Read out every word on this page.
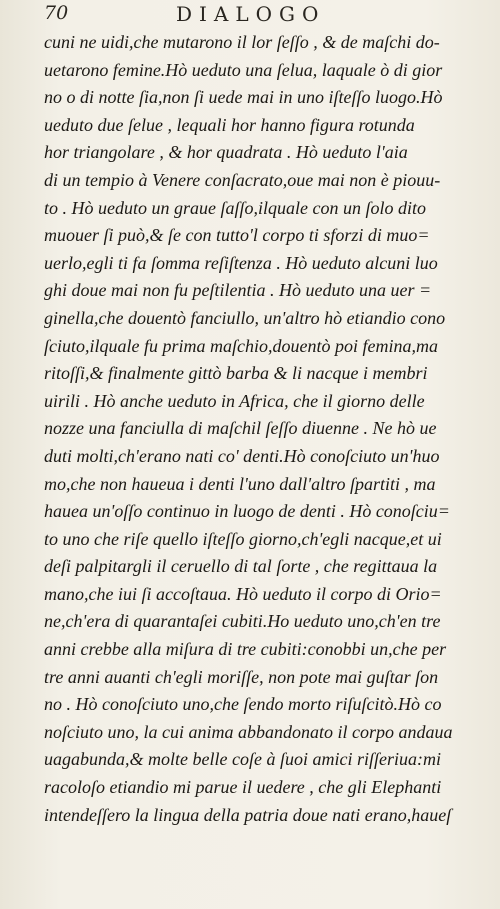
70	DIALOGO
cuni ne uidi,che mutarono il lor ſeſſo , & de maſchi do‑
uetarono femine.Hò ueduto una ſelua, laquale ò di gior
no o di notte ſia,non ſi uede mai in uno iſteſſo luogo.Hò
ueduto due ſelue , lequali hor hanno figura rotunda
hor triangolare , & hor quadrata . Hò ueduto l'aia
di un tempio à Venere conſacrato,oue mai non è piouu‑
to . Hò ueduto un graue ſaſſo,ilquale con un ſolo dito
muouer ſi può,& ſe con tutto'l corpo ti sforzi di muo=
uerlo,egli ti fa ſomma reſiſtenza . Hò ueduto alcuni luo
ghi doue mai non fu peſtilentia . Hò ueduto una uer =
ginella,che douentò fanciullo, un'altro hò etiandio cono
ſciuto,ilquale fu prima maſchio,douentò poi femina,ma
ritoſſi,& finalmente gittò barba & li nacque i membri
uirili . Hò anche ueduto in Africa, che il giorno delle
nozze una fanciulla di maſchil ſeſſo diuenne . Ne hò ue
duti molti,ch'erano nati co' denti.Hò conoſciuto un'huo
mo,che non haueua i denti l'uno dall'altro ſpartiti , ma
hauea un'oſſo continuo in luogo de denti . Hò conoſciu=
to uno che riſe quello iſteſſo giorno,ch'egli nacque,et ui
deſi palpitargli il ceruello di tal ſorte , che regittaua la
mano,che iui ſi accoſtaua. Hò ueduto il corpo di Orio=
ne,ch'era di quarantaſei cubiti.Ho ueduto uno,ch'en tre
anni crebbe alla miſura di tre cubiti:conobbi un,che per
tre anni auanti ch'egli moriſſe, non pote mai guſtar ſon
no . Hò conoſciuto uno,che ſendo morto riſuſcitò.Hò co
noſciuto uno, la cui anima abbandonato il corpo andaua
uagabunda,& molte belle coſe à ſuoi amici riſſeriua:mi
racoloſo etiandio mi parue il uedere , che gli Elephanti
intendeſſero la lingua della patria doue nati erano,haueſ
